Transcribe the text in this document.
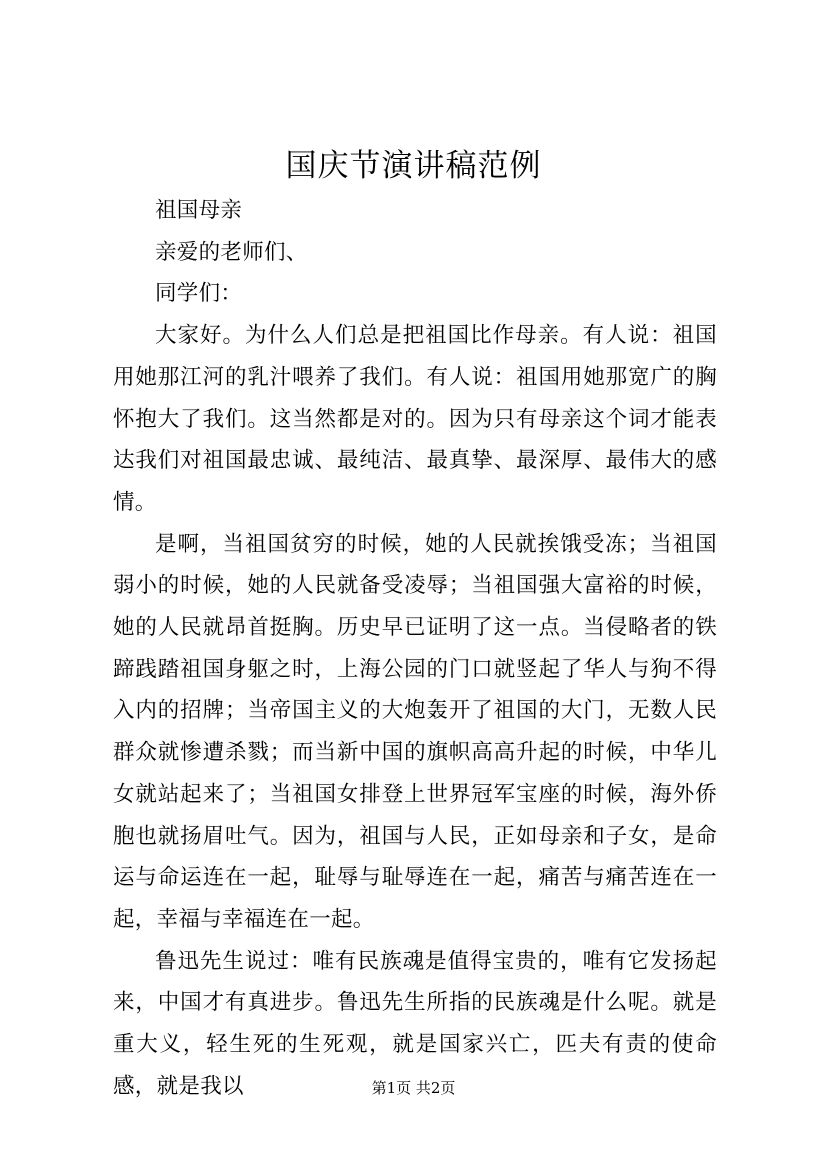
国庆节演讲稿范例

祖国母亲

亲爱的老师们、

同学们：

大家好。为什么人们总是把祖国比作母亲。有人说：祖国用她那江河的乳汁喂养了我们。有人说：祖国用她那宽广的胸怀抱大了我们。这当然都是对的。因为只有母亲这个词才能表达我们对祖国最忠诚、最纯洁、最真挚、最深厚、最伟大的感情。

是啊，当祖国贫穷的时候，她的人民就挨饿受冻；当祖国弱小的时候，她的人民就备受凌辱；当祖国强大富裕的时候，她的人民就昂首挺胸。历史早已证明了这一点。当侵略者的铁蹄践踏祖国身躯之时，上海公园的门口就竖起了华人与狗不得入内的招牌；当帝国主义的大炮轰开了祖国的大门，无数人民群众就惨遭杀戮；而当新中国的旗帜高高升起的时候，中华儿女就站起来了；当祖国女排登上世界冠军宝座的时候，海外侨胞也就扬眉吐气。因为，祖国与人民，正如母亲和子女，是命运与命运连在一起，耻辱与耻辱连在一起，痛苦与痛苦连在一起，幸福与幸福连在一起。

鲁迅先生说过：唯有民族魂是值得宝贵的，唯有它发扬起来，中国才有真进步。鲁迅先生所指的民族魂是什么呢。就是重大义，轻生死的生死观，就是国家兴亡，匹夫有责的使命感，就是我以	第1页 共2页
